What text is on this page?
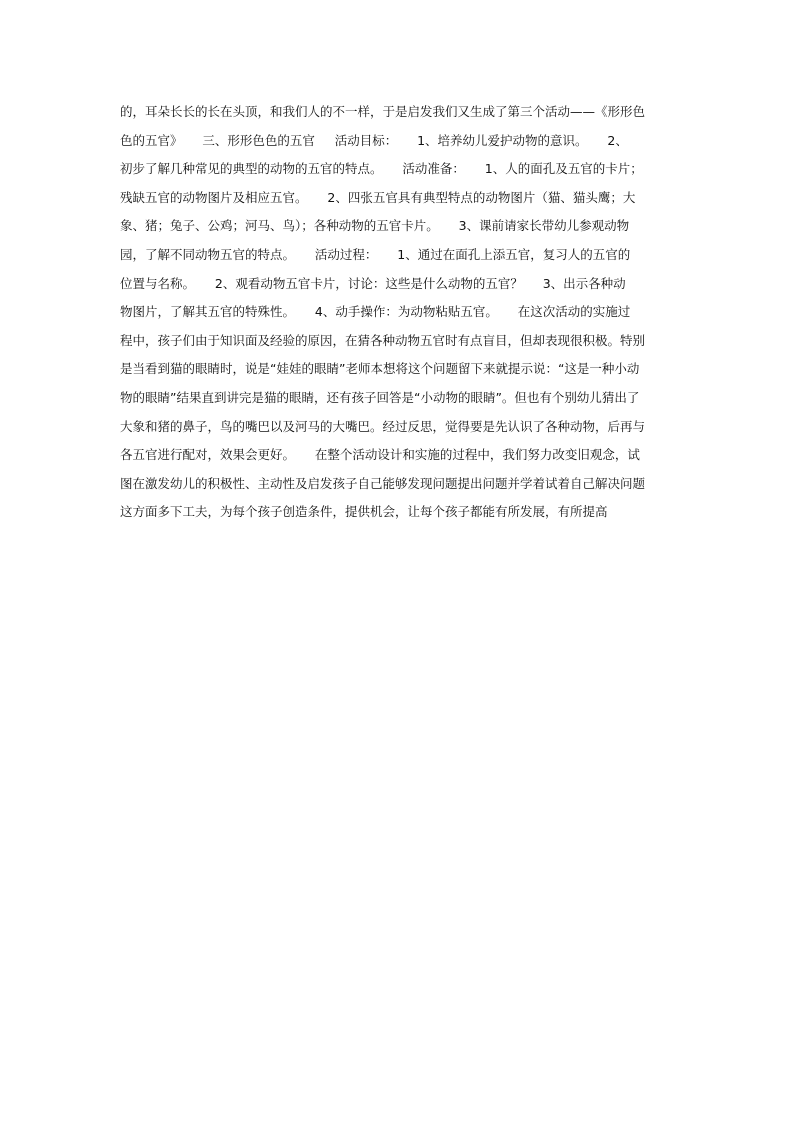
的，耳朵长长的长在头顶，和我们人的不一样，于是启发我们又生成了第三个活动——《形形色
色的五官》     三、形形色色的五官     活动目标：     1、培养幼儿爱护动物的意识。     2、
初步了解几种常见的典型的动物的五官的特点。     活动准备：     1、人的面孔及五官的卡片；
残缺五官的动物图片及相应五官。     2、四张五官具有典型特点的动物图片（猫、猫头鹰；大
象、猪；兔子、公鸡；河马、鸟）；各种动物的五官卡片。     3、课前请家长带幼儿参观动物
园，了解不同动物五官的特点。     活动过程：     1、通过在面孔上添五官，复习人的五官的
位置与名称。     2、观看动物五官卡片，讨论：这些是什么动物的五官？     3、出示各种动
物图片，了解其五官的特殊性。     4、动手操作：为动物粘贴五官。     在这次活动的实施过
程中，孩子们由于知识面及经验的原因，在猜各种动物五官时有点盲目，但却表现很积极。特别
是当看到猫的眼睛时，说是“娃娃的眼睛”老师本想将这个问题留下来就提示说：“这是一种小动
物的眼睛”结果直到讲完是猫的眼睛，还有孩子回答是“小动物的眼睛”。但也有个别幼儿猜出了
大象和猪的鼻子，鸟的嘴巴以及河马的大嘴巴。经过反思，觉得要是先认识了各种动物，后再与
各五官进行配对，效果会更好。     在整个活动设计和实施的过程中，我们努力改变旧观念，试
图在激发幼儿的积极性、主动性及启发孩子自己能够发现问题提出问题并学着试着自己解决问题
这方面多下工夫，为每个孩子创造条件，提供机会，让每个孩子都能有所发展，有所提高
